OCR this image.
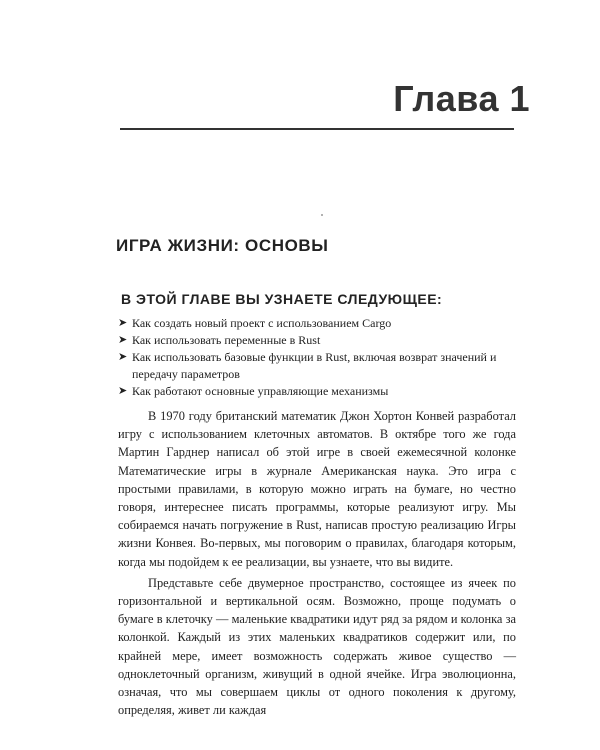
Глава 1
ИГРА ЖИЗНИ: ОСНОВЫ
В ЭТОЙ ГЛАВЕ ВЫ УЗНАЕТЕ СЛЕДУЮЩЕЕ:
➤ Как создать новый проект с использованием Cargo
➤ Как использовать переменные в Rust
➤ Как использовать базовые функции в Rust, включая возврат значений и передачу параметров
➤ Как работают основные управляющие механизмы

В 1970 году британский математик Джон Хортон Конвей разработал игру с использованием клеточных автоматов. В октябре того же года Мартин Гарднер написал об этой игре в своей ежемесячной колонке Математические игры в журнале Американская наука. Это игра с простыми правилами, в которую можно играть на бумаге, но честно говоря, интереснее писать программы, которые реализуют игру. Мы собираемся начать погружение в Rust, написав простую реализацию Игры жизни Конвея. Во-первых, мы поговорим о правилах, благодаря которым, когда мы подойдем к ее реализации, вы узнаете, что вы видите.

Представьте себе двумерное пространство, состоящее из ячеек по горизонтальной и вертикальной осям. Возможно, проще подумать о бумаге в клеточку — маленькие квадратики идут ряд за рядом и колонка за колонкой. Каждый из этих маленьких квадратиков содержит или, по крайней мере, имеет возможность содержать живое существо — одноклеточный организм, живущий в одной ячейке. Игра эволюционна, означая, что мы совершаем циклы от одного поколения к другому, определяя, живет ли каждая
